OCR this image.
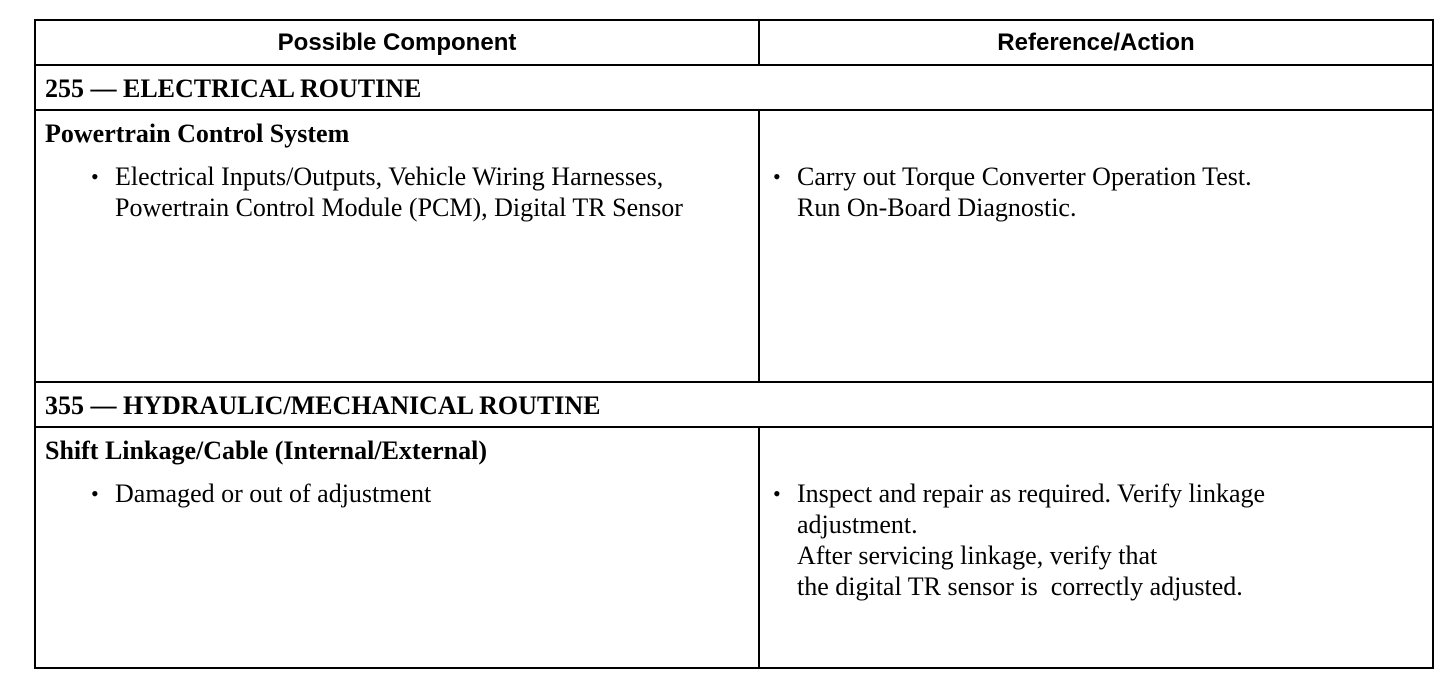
Possible Component	Reference/Action
255 — ELECTRICAL ROUTINE
Powertrain Control System
• Electrical Inputs/Outputs, Vehicle Wiring Harnesses,
Powertrain Control Module (PCM), Digital TR Sensor
• Carry out Torque Converter Operation Test.
Run On-Board Diagnostic.
355 — HYDRAULIC/MECHANICAL ROUTINE
Shift Linkage/Cable (Internal/External)
• Damaged or out of adjustment
•	Inspect and repair as required. Verify linkage
adjustment.
After servicing linkage, verify that
the digital TR sensor is  correctly adjusted.
